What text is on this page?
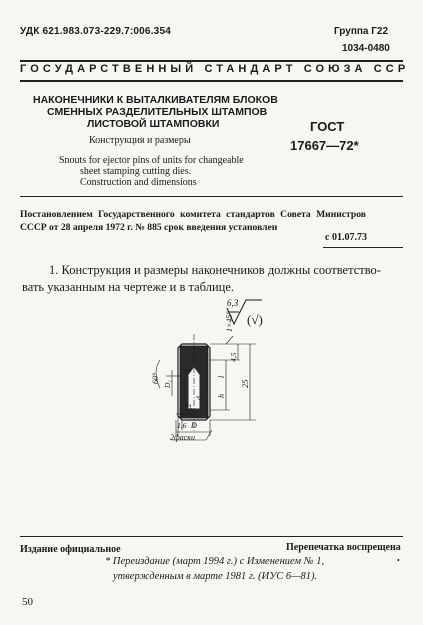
УДК 621.983.073-229.7:006.354	Группа Г22
1034-0480
ГОСУДАРСТВЕННЫЙ СТАНДАРТ СОЮЗА ССР
НАКОНЕЧНИКИ К ВЫТАЛКИВАТЕЛЯМ БЛОКОВ
СМЕННЫХ РАЗДЕЛИТЕЛЬНЫХ ШТАМПОВ
ЛИСТОВОЙ ШТАМПОВКИ
Конструкция и размеры
ГОСТ
17667—72*
Snouts for ejector pins of units for changeable
sheet stamping cutting dies.
Construction and dimensions
Постановлением Государственного комитета стандартов Совета Министров
СССР от 28 апреля 1972 г. № 885 срок введения установлен
с 01.07.73
1. Конструкция и размеры наконечников должны соответство-
вать указанным на чертеже и в таблице.
6,3
(√)
1×45°
4,5
l
25
h
60° D₁
1
3,2
d
1,6
2фаски
D
Издание официальное	Перепечатка воспрещена
•
* Переиздание (март 1994 г.) с Изменением № 1,
утвержденным в марте 1981 г. (ИУС 6—81).
50
